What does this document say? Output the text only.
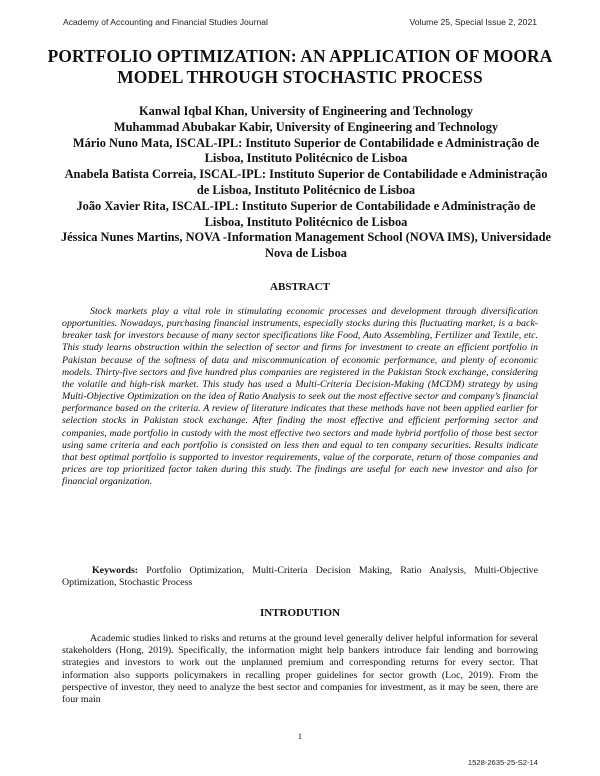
Academy of Accounting and Financial Studies Journal	Volume 25, Special Issue 2, 2021
PORTFOLIO OPTIMIZATION: AN APPLICATION OF MOORA MODEL THROUGH STOCHASTIC PROCESS
Kanwal Iqbal Khan, University of Engineering and Technology
Muhammad Abubakar Kabir, University of Engineering and Technology
Mário Nuno Mata, ISCAL-IPL: Instituto Superior de Contabilidade e Administração de Lisboa, Instituto Politécnico de Lisboa
Anabela Batista Correia, ISCAL-IPL: Instituto Superior de Contabilidade e Administração de Lisboa, Instituto Politécnico de Lisboa
João Xavier Rita, ISCAL-IPL: Instituto Superior de Contabilidade e Administração de Lisboa, Instituto Politécnico de Lisboa
Jéssica Nunes Martins, NOVA -Information Management School (NOVA IMS), Universidade Nova de Lisboa
ABSTRACT
Stock markets play a vital role in stimulating economic processes and development through diversification opportunities. Nowadays, purchasing financial instruments, especially stocks during this fluctuating market, is a back-breaker task for investors because of many sector specifications like Food, Auto Assembling, Fertilizer and Textile, etc. This study learns obstruction within the selection of sector and firms for investment to create an efficient portfolio in Pakistan because of the softness of data and miscommunication of economic performance, and plenty of economic models. Thirty-five sectors and five hundred plus companies are registered in the Pakistan Stock exchange, considering the volatile and high-risk market. This study has used a Multi-Criteria Decision-Making (MCDM) strategy by using Multi-Objective Optimization on the idea of Ratio Analysis to seek out the most effective sector and company’s financial performance based on the criteria. A review of literature indicates that these methods have not been applied earlier for selection stocks in Pakistan stock exchange. After finding the most effective and efficient performing sector and companies, made portfolio in custody with the most effective two sectors and made hybrid portfolio of those best sector using same criteria and each portfolio is consisted on less then and equal to ten company securities. Results indicate that best optimal portfolio is supported to investor requirements, value of the corporate, return of those companies and prices are top prioritized factor taken during this study. The findings are useful for each new investor and also for financial organization.
Keywords: Portfolio Optimization, Multi-Criteria Decision Making, Ratio Analysis, Multi-Objective Optimization, Stochastic Process
INTRODUTION
Academic studies linked to risks and returns at the ground level generally deliver helpful information for several stakeholders (Hong, 2019). Specifically, the information might help bankers introduce fair lending and borrowing strategies and investors to work out the unplanned premium and corresponding returns for every sector. That information also supports policymakers in recalling proper guidelines for sector growth (Loc, 2019). From the perspective of investor, they need to analyze the best sector and companies for investment, as it may be seen, there are four main
1
1528-2635-25-S2-14
